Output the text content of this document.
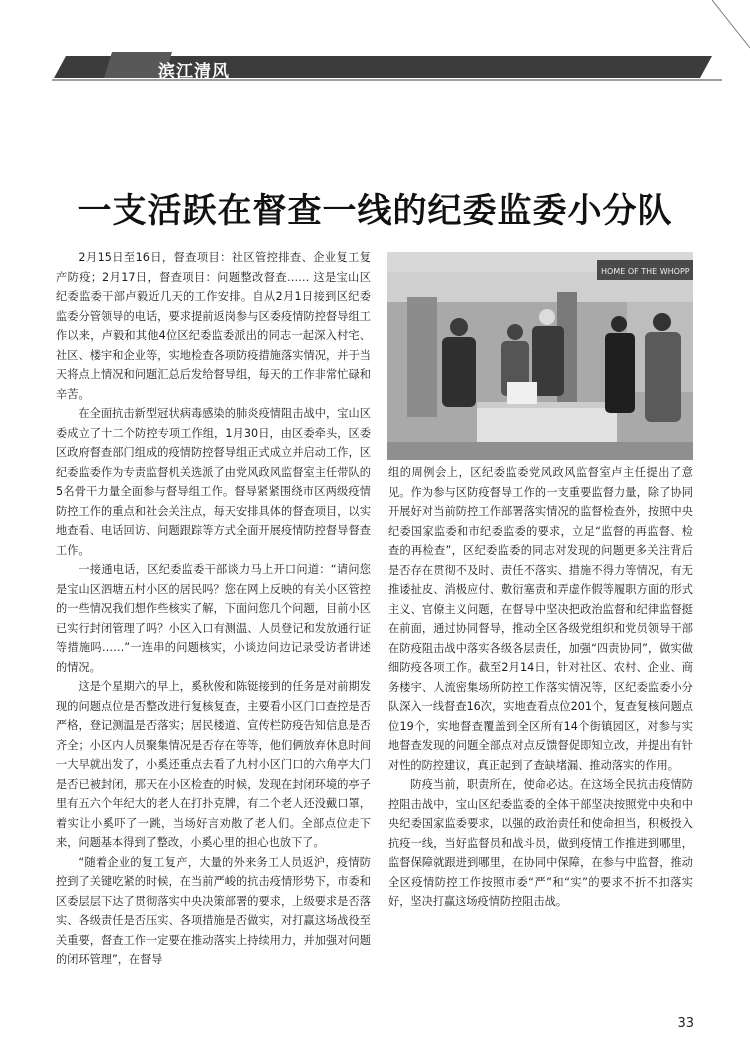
滨江清风
一支活跃在督查一线的纪委监委小分队
HOME OF THE WHOPP

2月15日至16日，督查项目：社区管控排查、企业复工复产防疫；2月17日，督查项目：问题整改督查…… 这是宝山区纪委监委干部卢毅近几天的工作安排。自从2月1日接到区纪委监委分管领导的电话，要求提前返岗参与区委疫情防控督导组工作以来，卢毅和其他4位区纪委监委派出的同志一起深入村宅、社区、楼宇和企业等，实地检查各项防疫措施落实情况，并于当天将点上情况和问题汇总后发给督导组，每天的工作非常忙碌和辛苦。

在全面抗击新型冠状病毒感染的肺炎疫情阻击战中，宝山区委成立了十二个防控专项工作组，1月30日，由区委牵头，区委区政府督查部门组成的疫情防控督导组正式成立并启动工作，区纪委监委作为专责监督机关选派了由党风政风监督室主任带队的5名骨干力量全面参与督导组工作。督导紧紧围绕市区两级疫情防控工作的重点和社会关注点，每天安排具体的督查项目，以实地查看、电话回访、问题跟踪等方式全面开展疫情防控督导督查工作。

一接通电话，区纪委监委干部谈力马上开口问道：“请问您是宝山区泗塘五村小区的居民吗？您在网上反映的有关小区管控的一些情况我们想作些核实了解，下面问您几个问题，目前小区已实行封闭管理了吗？小区入口有测温、人员登记和发放通行证等措施吗……”一连串的问题核实，小谈边问边记录受访者讲述的情况。

这是个星期六的早上，奚秋俊和陈铤接到的任务是对前期发现的问题点位是否整改进行复核复查，主要看小区门口查控是否严格，登记测温是否落实；居民楼道、宣传栏防疫告知信息是否齐全；小区内人员聚集情况是否存在等等，他们俩放弃休息时间一大早就出发了，小奚还重点去看了九村小区门口的六角亭大门是否已被封闭，那天在小区检查的时候，发现在封闭环境的亭子里有五六个年纪大的老人在打扑克牌，有二个老人还没戴口罩，着实让小奚吓了一跳，当场好言劝散了老人们。全部点位走下来，问题基本得到了整改，小奚心里的担心也放下了。

“随着企业的复工复产，大量的外来务工人员返沪，疫情防控到了关键吃紧的时候，在当前严峻的抗击疫情形势下，市委和区委层层下达了贯彻落实中央决策部署的要求，上级要求是否落实、各级责任是否压实、各项措施是否做实，对打赢这场战役至关重要，督查工作一定要在推动落实上持续用力，并加强对问题的闭环管理”，在督导

组的周例会上，区纪委监委党风政风监督室卢主任提出了意见。作为参与区防疫督导工作的一支重要监督力量，除了协同开展好对当前防控工作部署落实情况的监督检查外，按照中央纪委国家监委和市纪委监委的要求，立足“监督的再监督、检查的再检查”，区纪委监委的同志对发现的问题更多关注背后是否存在贯彻不及时、责任不落实、措施不得力等情况，有无推诿扯皮、消极应付、敷衍塞责和弄虚作假等履职方面的形式主义、官僚主义问题，在督导中坚决把政治监督和纪律监督挺在前面，通过协同督导，推动全区各级党组织和党员领导干部在防疫阻击战中落实各级各层责任，加强“四责协同”，做实做细防疫各项工作。截至2月14日，针对社区、农村、企业、商务楼宇、人流密集场所防控工作落实情况等，区纪委监委小分队深入一线督查16次，实地查看点位201个，复查复核问题点位19个，实地督查覆盖到全区所有14个街镇园区，对参与实地督查发现的问题全部点对点反馈督促即知立改，并提出有针对性的防控建议，真正起到了查缺堵漏、推动落实的作用。

防疫当前，职责所在，使命必达。在这场全民抗击疫情防控阻击战中，宝山区纪委监委的全体干部坚决按照党中央和中央纪委国家监委要求，以强的政治责任和使命担当，积极投入抗疫一线，当好监督员和战斗员，做到疫情工作推进到哪里，监督保障就跟进到哪里，在协同中保障，在参与中监督，推动全区疫情防控工作按照市委“严”和“实”的要求不折不扣落实好，坚决打赢这场疫情防控阻击战。

33
